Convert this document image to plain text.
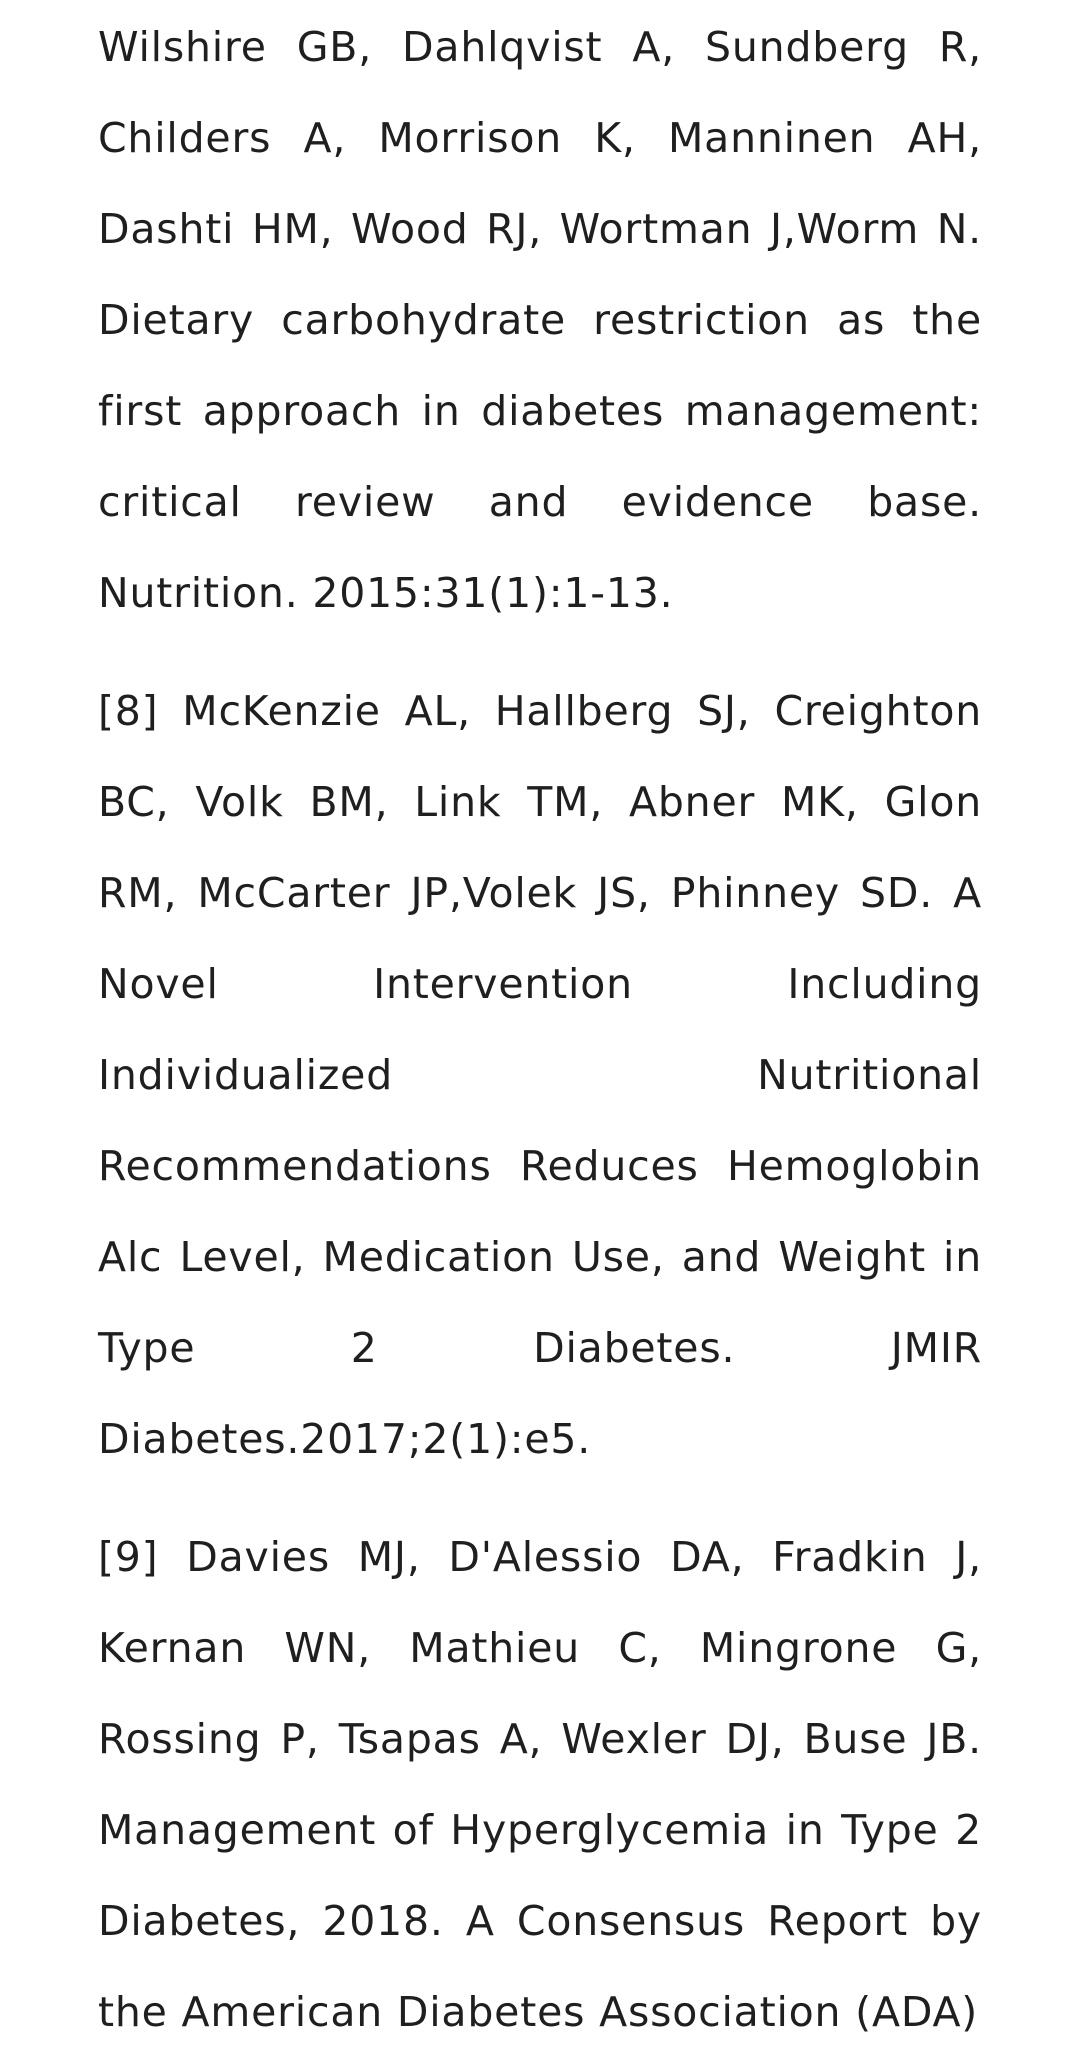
Wilshire GB, Dahlqvist A, Sundberg R, Childers A, Morrison K, Manninen AH, Dashti HM, Wood RJ, Wortman J,Worm N. Dietary carbohydrate restriction as the first approach in diabetes management: critical review and evidence base. Nutrition. 2015:31(1):1-13.

[8] McKenzie AL, Hallberg SJ, Creighton BC, Volk BM, Link TM, Abner MK, Glon RM, McCarter JP,Volek JS, Phinney SD. A Novel Intervention Including Individualized Nutritional Recommendations Reduces Hemoglobin Alc Level, Medication Use, and Weight in Type 2 Diabetes. JMIR Diabetes.2017;2(1):e5.

[9] Davies MJ, D'Alessio DA, Fradkin J, Kernan WN, Mathieu C, Mingrone G, Rossing P, Tsapas A, Wexler DJ, Buse JB. Management of Hyperglycemia in Type 2 Diabetes, 2018. A Consensus Report by the American Diabetes Association (ADA)
